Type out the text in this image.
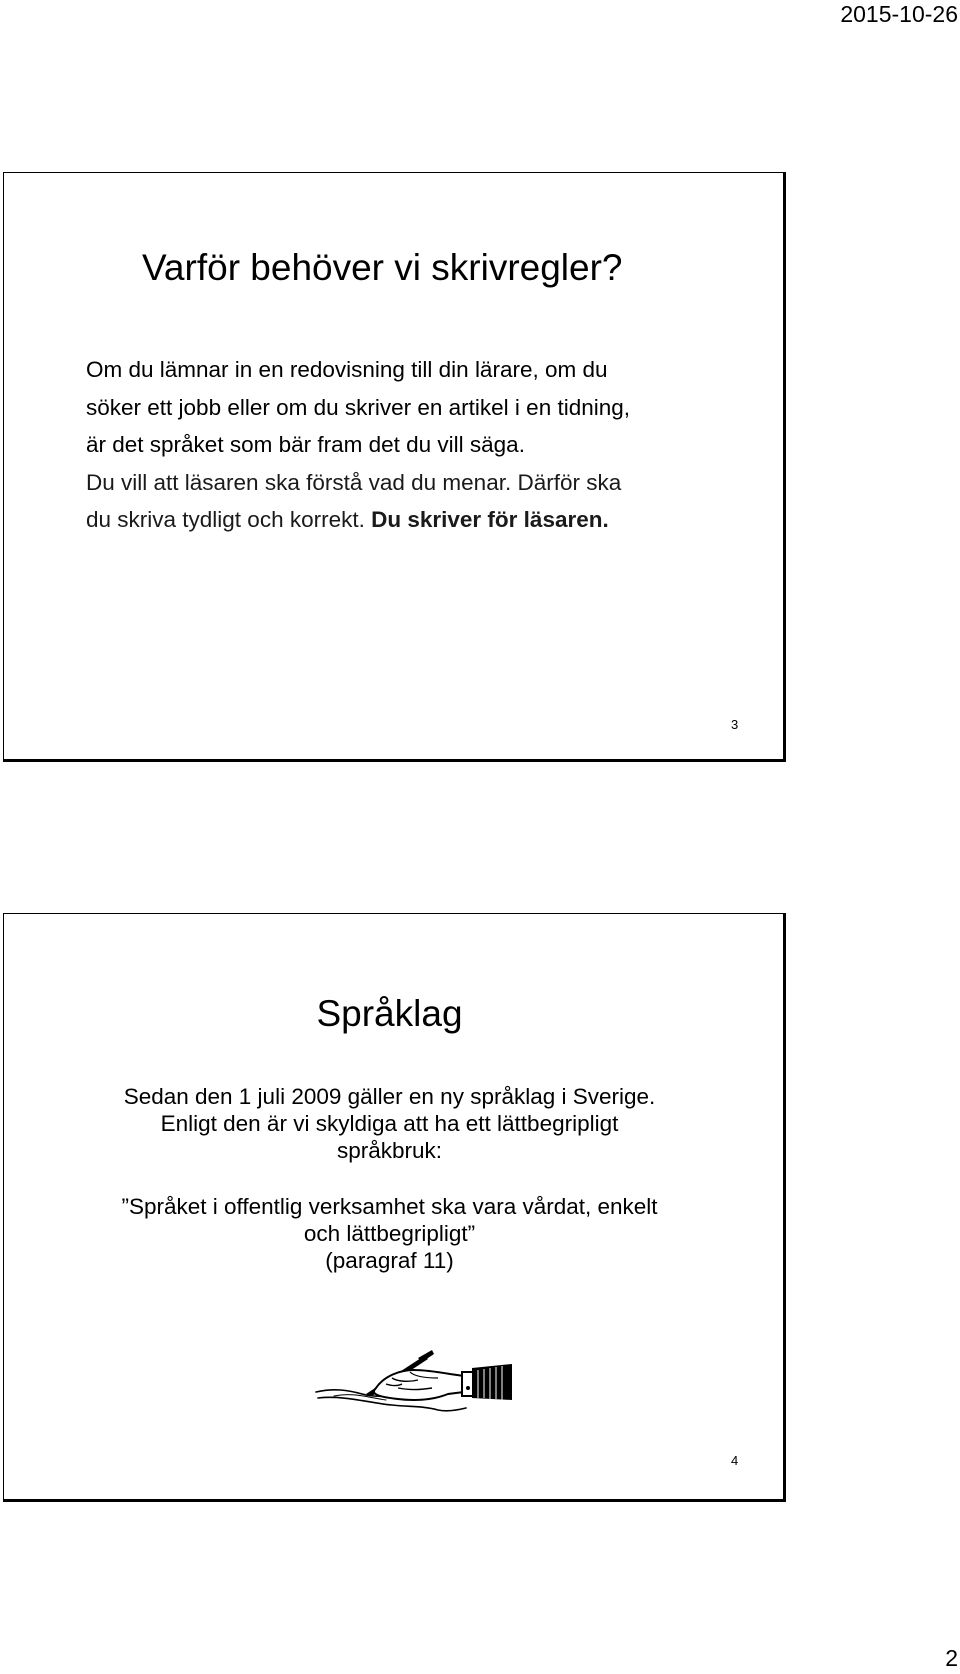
2015-10-26
Varför behöver vi skrivregler?
Om du lämnar in en redovisning till din lärare, om du
söker ett jobb eller om du skriver en artikel i en tidning,
är det språket som bär fram det du vill säga.
Du vill att läsaren ska förstå vad du menar. Därför ska
du skriva tydligt och korrekt. Du skriver för läsaren.
3
Språklag
Sedan den 1 juli 2009 gäller en ny språklag i Sverige.
Enligt den är vi skyldiga att ha ett lättbegripligt
språkbruk:
”Språket i offentlig verksamhet ska vara vårdat, enkelt
och lättbegripligt”
(paragraf 11)
4
2
